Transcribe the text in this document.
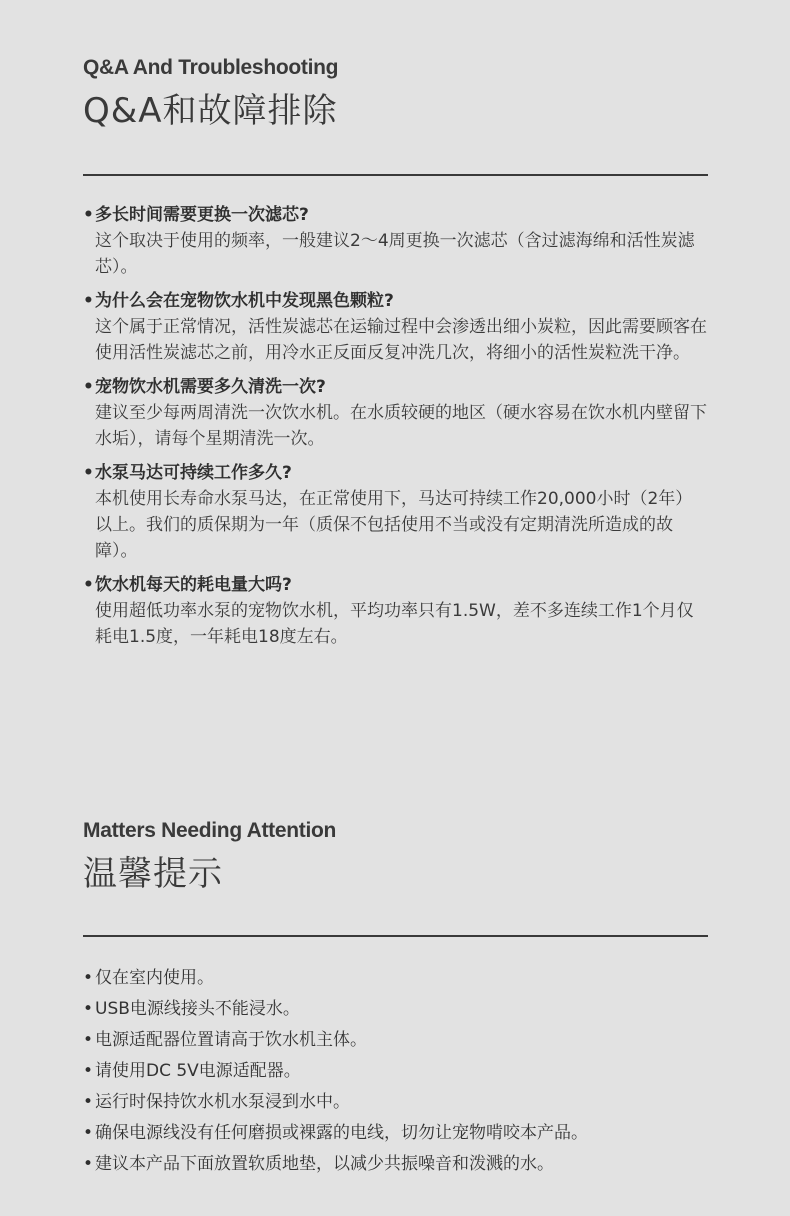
Q&A And Troubleshooting
Q&A和故障排除
• 多长时间需要更换一次滤芯?

这个取决于使用的频率，一般建议2～4周更换一次滤芯（含过滤海绵和活性炭滤芯）。

• 为什么会在宠物饮水机中发现黑色颗粒?

这个属于正常情况，活性炭滤芯在运输过程中会渗透出细小炭粒，因此需要顾客在使用活性炭滤芯之前，用冷水正反面反复冲洗几次，将细小的活性炭粒洗干净。

• 宠物饮水机需要多久清洗一次?

建议至少每两周清洗一次饮水机。在水质较硬的地区（硬水容易在饮水机内壁留下水垢），请每个星期清洗一次。

• 水泵马达可持续工作多久?

本机使用长寿命水泵马达，在正常使用下，马达可持续工作20,000小时（2年）以上。我们的质保期为一年（质保不包括使用不当或没有定期清洗所造成的故障）。

• 饮水机每天的耗电量大吗?

使用超低功率水泵的宠物饮水机，平均功率只有1.5W，差不多连续工作1个月仅耗电1.5度，一年耗电18度左右。

Matters Needing Attention
温馨提示
• 仅在室内使用。
• USB电源线接头不能浸水。
• 电源适配器位置请高于饮水机主体。
• 请使用DC 5V电源适配器。
• 运行时保持饮水机水泵浸到水中。
• 确保电源线没有任何磨损或裸露的电线，切勿让宠物啃咬本产品。
• 建议本产品下面放置软质地垫，以减少共振噪音和泼溅的水。
